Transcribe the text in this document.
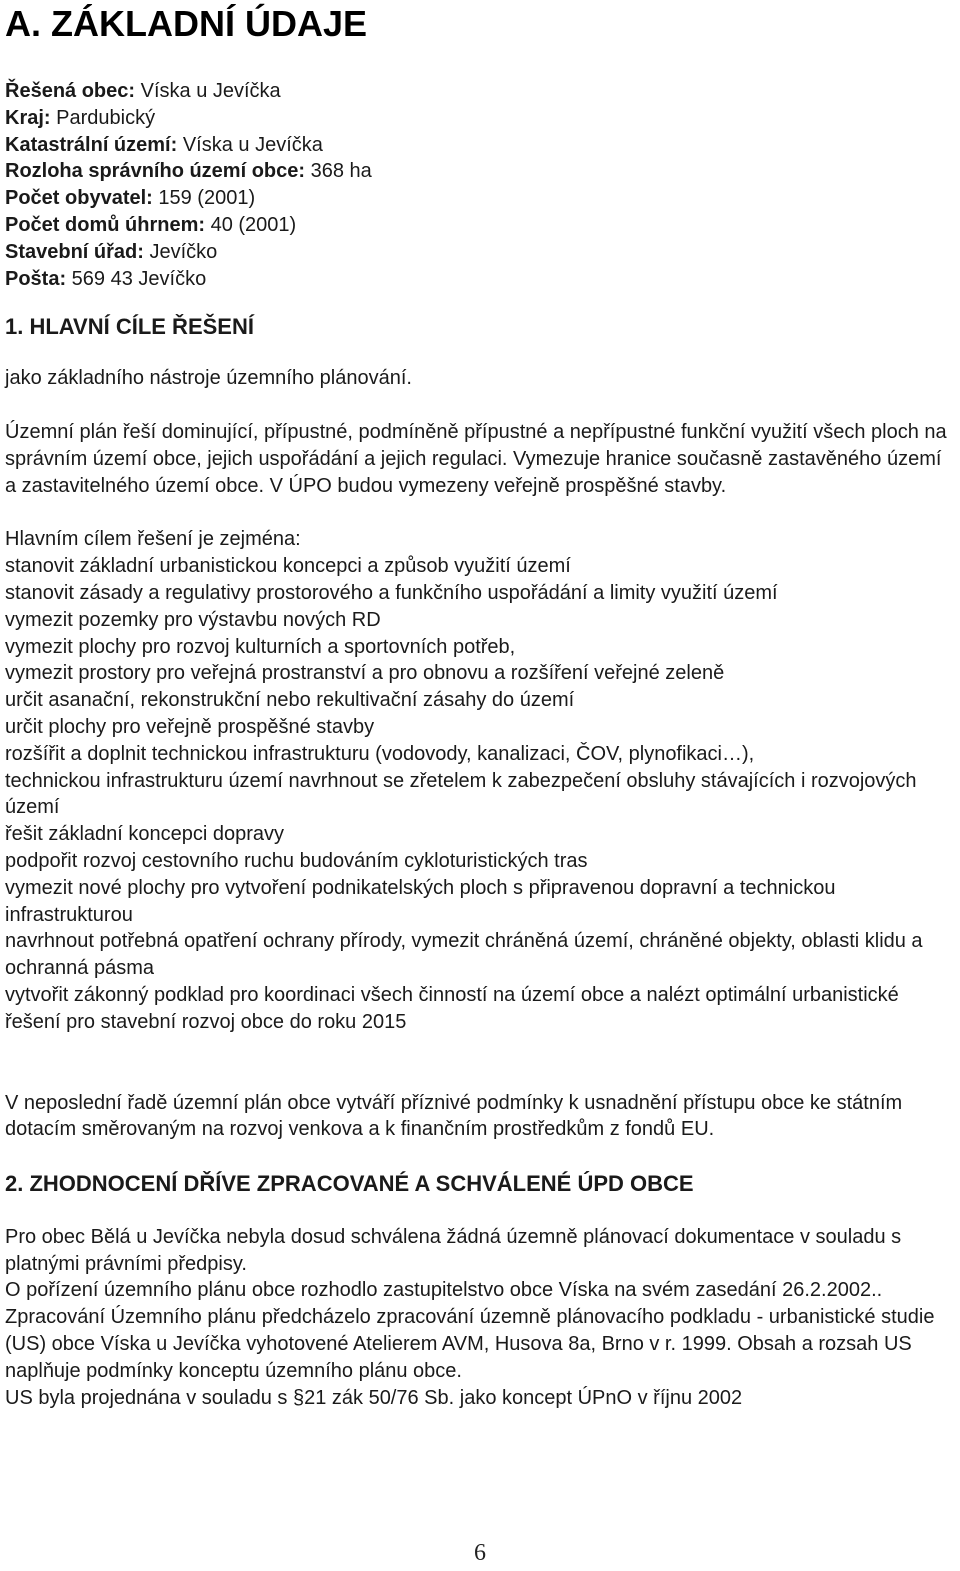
A. ZÁKLADNÍ ÚDAJE
Řešená obec: Víska u Jevíčka
Kraj: Pardubický
Katastrální území: Víska u Jevíčka
Rozloha správního území obce: 368 ha
Počet obyvatel: 159 (2001)
Počet domů úhrnem: 40 (2001)
Stavební úřad: Jevíčko
Pošta: 569 43 Jevíčko
1. HLAVNÍ CÍLE ŘEŠENÍ

jako základního nástroje územního plánování.

Územní plán řeší dominující, přípustné, podmíněně přípustné a nepřípustné funkční využití všech ploch na správním území obce, jejich uspořádání a jejich regulaci. Vymezuje hranice současně zastavěného území a zastavitelného území obce. V ÚPO budou vymezeny veřejně prospěšné stavby.

Hlavním cílem řešení je zejména:

stanovit základní urbanistickou koncepci a způsob využití území
stanovit zásady a regulativy prostorového a funkčního uspořádání a limity využití území
vymezit pozemky pro výstavbu nových RD
vymezit plochy pro rozvoj kulturních a sportovních potřeb,
vymezit prostory pro veřejná prostranství a pro obnovu a rozšíření veřejné zeleně
určit asanační, rekonstrukční nebo rekultivační zásahy do území
určit plochy pro veřejně prospěšné stavby
rozšířit a doplnit technickou infrastrukturu (vodovody, kanalizaci, ČOV, plynofikaci…),
technickou infrastrukturu území navrhnout se zřetelem k zabezpečení obsluhy stávajících i rozvojových území
řešit základní koncepci dopravy
podpořit rozvoj cestovního ruchu budováním cykloturistických tras
vymezit nové plochy pro vytvoření podnikatelských ploch s připravenou dopravní a technickou infrastrukturou
navrhnout potřebná opatření ochrany přírody, vymezit chráněná území, chráněné objekty, oblasti klidu a ochranná pásma
vytvořit zákonný podklad pro koordinaci všech činností na území obce a nalézt optimální urbanistické řešení pro stavební rozvoj obce do roku 2015

V neposlední řadě územní plán obce vytváří příznivé podmínky k usnadnění přístupu obce ke státním dotacím směrovaným na rozvoj venkova a k finančním prostředkům z fondů EU.

2. ZHODNOCENÍ DŘÍVE ZPRACOVANÉ A SCHVÁLENÉ ÚPD OBCE

Pro obec Bělá u Jevíčka nebyla dosud schválena žádná územně plánovací dokumentace v souladu s platnými právními předpisy.

O pořízení územního plánu obce rozhodlo zastupitelstvo obce Víska na svém zasedání 26.2.2002..

Zpracování Územního plánu předcházelo zpracování územně plánovacího podkladu - urbanistické studie (US) obce Víska u Jevíčka vyhotovené Atelierem AVM, Husova 8a, Brno v r. 1999. Obsah a rozsah US naplňuje podmínky konceptu územního plánu obce.

US byla projednána v souladu s §21 zák 50/76 Sb. jako koncept ÚPnO v říjnu 2002

6
